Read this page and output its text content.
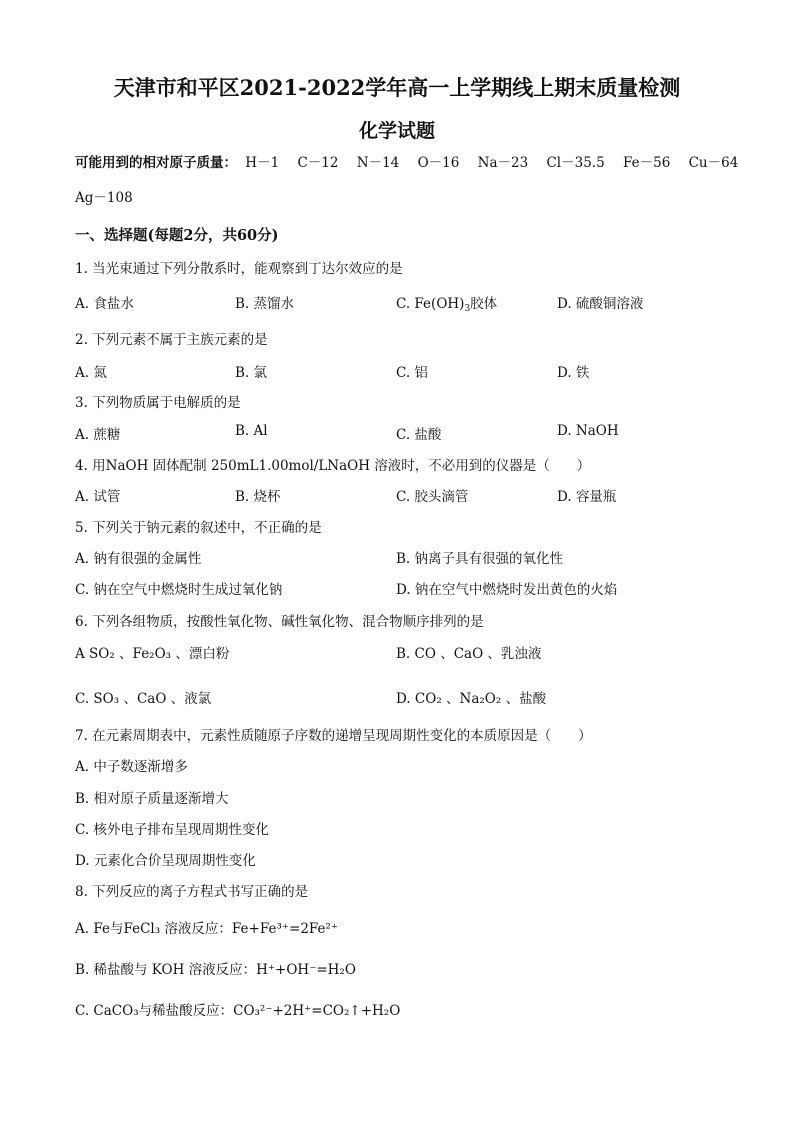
天津市和平区2021-2022学年高一上学期线上期末质量检测
化学试题
可能用到的相对原子质量： H－1 C－12 N－14 O－16 Na－23 Cl－35.5 Fe－56 Cu－64
Ag－108
一、选择题(每题2分，共60分)
1. 当光束通过下列分散系时，能观察到丁达尔效应的是
A. 食盐水	B. 蒸馏水	C. $Fe(OH)_3$胶体	D. 硫酸铜溶液
2. 下列元素不属于主族元素的是
A. 氮	B. 氯	C. 铝	D. 铁
3. 下列物质属于电解质的是
A. 蔗糖	B. Al	C. 盐酸	D. NaOH
4. 用NaOH 固体配制 250mL1.00mol/LNaOH 溶液时，不必用到的仪器是（　　）
A. 试管	B. 烧杯	C. 胶头滴管	D. 容量瓶
5. 下列关于钠元素的叙述中，不正确的是
A. 钠有很强的金属性	B. 钠离子具有很强的氧化性
C. 钠在空气中燃烧时生成过氧化钠	D. 钠在空气中燃烧时发出黄色的火焰
6. 下列各组物质，按酸性氧化物、碱性氧化物、混合物顺序排列的是
A SO₂ 、Fe₂O₃ 、漂白粉	B. CO 、CaO 、乳浊液
C. SO₃ 、CaO 、液氯	D. CO₂ 、Na₂O₂ 、盐酸
7. 在元素周期表中，元素性质随原子序数的递增呈现周期性变化的本质原因是（　　）
A. 中子数逐渐增多
B. 相对原子质量逐渐增大
C. 核外电子排布呈现周期性变化
D. 元素化合价呈现周期性变化
8. 下列反应的离子方程式书写正确的是
A. Fe与FeCl₃ 溶液反应：Fe+Fe³⁺=2Fe²⁺
B. 稀盐酸与 KOH 溶液反应：H⁺+OH⁻=H₂O
C. CaCO₃与稀盐酸反应：CO₃²⁻+2H⁺=CO₂↑+H₂O
